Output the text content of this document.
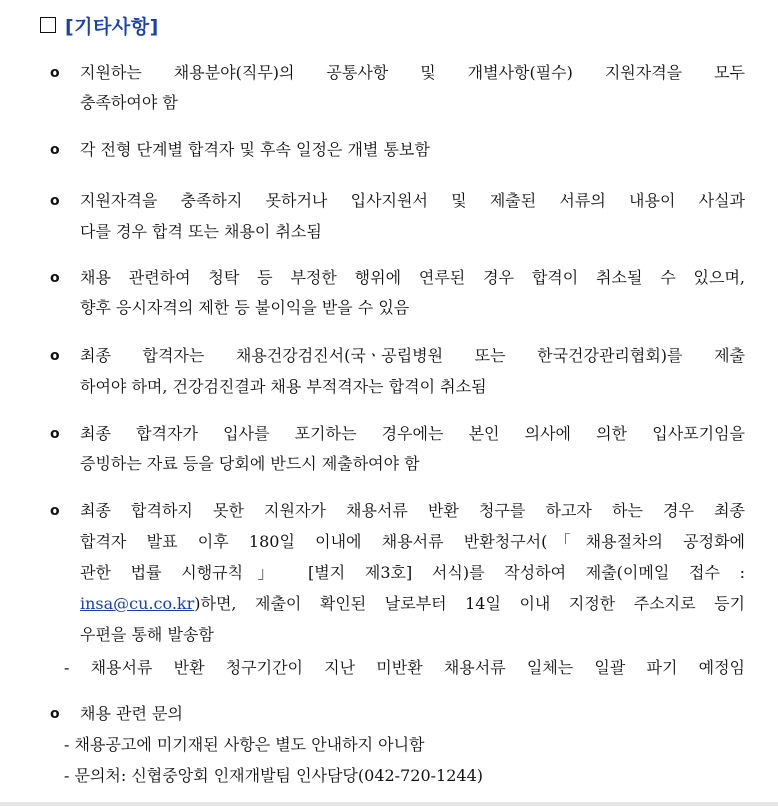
[기타사항]
o 지원하는 채용분야(직무)의 공통사항 및 개별사항(필수) 지원자격을 모두
충족하여야 함
o 각 전형 단계별 합격자 및 후속 일정은 개별 통보함
o 지원자격을 충족하지 못하거나 입사지원서 및 제출된 서류의 내용이 사실과
다를 경우 합격 또는 채용이 취소됨
o 채용 관련하여 청탁 등 부정한 행위에 연루된 경우 합격이 취소될 수 있으며,
향후 응시자격의 제한 등 불이익을 받을 수 있음
o 최종 합격자는 채용건강검진서(국ㆍ공립병원 또는 한국건강관리협회)를 제출
하여야 하며, 건강검진결과 채용 부적격자는 합격이 취소됨
o 최종 합격자가 입사를 포기하는 경우에는 본인 의사에 의한 입사포기임을
증빙하는 자료 등을 당회에 반드시 제출하여야 함
o 최종 합격하지 못한 지원자가 채용서류 반환 청구를 하고자 하는 경우 최종
합격자 발표 이후 180일 이내에 채용서류 반환청구서(「채용절차의 공정화에
관한 법률 시행규칙」 [별지 제3호] 서식)를 작성하여 제출(이메일 접수 :
insa@cu.co.kr)하면, 제출이 확인된 날로부터 14일 이내 지정한 주소지로 등기
우편을 통해 발송함
- 채용서류 반환 청구기간이 지난 미반환 채용서류 일체는 일괄 파기 예정임
o 채용 관련 문의
- 채용공고에 미기재된 사항은 별도 안내하지 아니함
- 문의처: 신협중앙회 인재개발팀 인사담당(042-720-1244)
